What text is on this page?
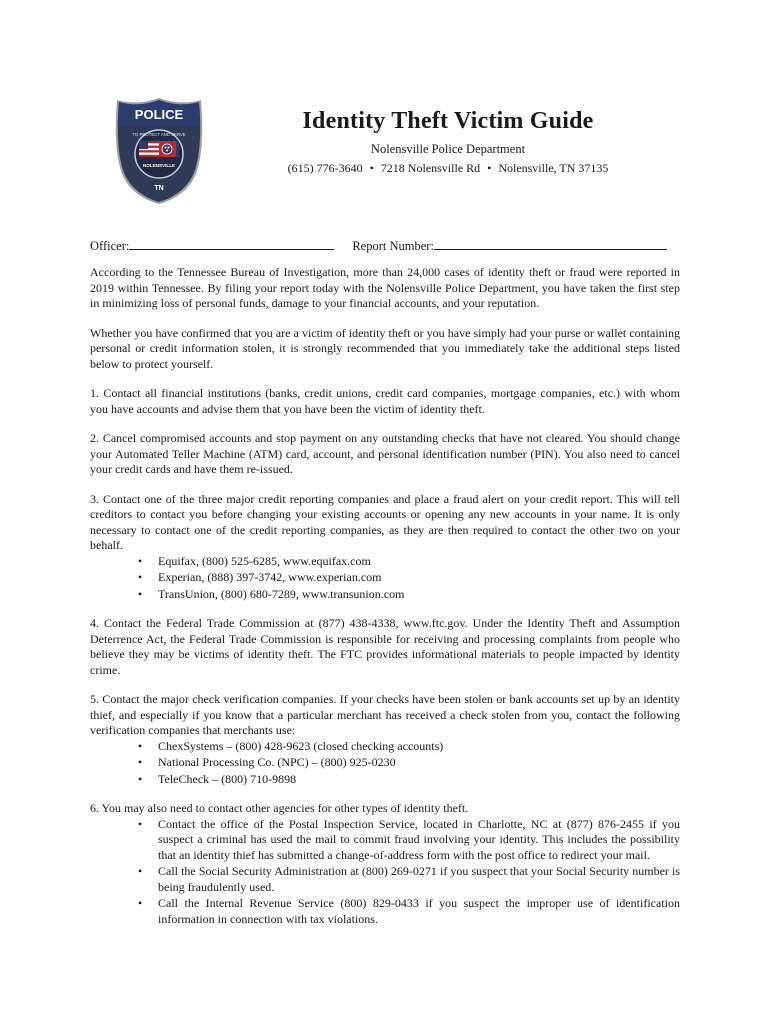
POLICE
TO PROTECT AND SERVE
NOLENSVILLE
TN
Identity Theft Victim Guide
Nolensville Police Department
(615) 776-3640 • 7218 Nolensville Rd • Nolensville, TN 37135
Officer:	Report Number:

According to the Tennessee Bureau of Investigation, more than 24,000 cases of identity theft or fraud were reported in 2019 within Tennessee. By filing your report today with the Nolensville Police Department, you have taken the first step in minimizing loss of personal funds, damage to your financial accounts, and your reputation.

Whether you have confirmed that you are a victim of identity theft or you have simply had your purse or wallet containing personal or credit information stolen, it is strongly recommended that you immediately take the additional steps listed below to protect yourself.

1. Contact all financial institutions (banks, credit unions, credit card companies, mortgage companies, etc.) with whom you have accounts and advise them that you have been the victim of identity theft.

2. Cancel compromised accounts and stop payment on any outstanding checks that have not cleared. You should change your Automated Teller Machine (ATM) card, account, and personal identification number (PIN). You also need to cancel your credit cards and have them re-issued.

3. Contact one of the three major credit reporting companies and place a fraud alert on your credit report. This will tell creditors to contact you before changing your existing accounts or opening any new accounts in your name. It is only necessary to contact one of the credit reporting companies, as they are then required to contact the other two on your behalf.

• Equifax, (800) 525-6285, www.equifax.com
• Experian, (888) 397-3742, www.experian.com
• TransUnion, (800) 680-7289, www.transunion.com

4. Contact the Federal Trade Commission at (877) 438-4338, www.ftc.gov. Under the Identity Theft and Assumption Deterrence Act, the Federal Trade Commission is responsible for receiving and processing complaints from people who believe they may be victims of identity theft. The FTC provides informational materials to people impacted by identity crime.

5. Contact the major check verification companies. If your checks have been stolen or bank accounts set up by an identity thief, and especially if you know that a particular merchant has received a check stolen from you, contact the following verification companies that merchants use:

• ChexSystems – (800) 428-9623 (closed checking accounts)
• National Processing Co. (NPC) – (800) 925-0230
• TeleCheck – (800) 710-9898

6. You may also need to contact other agencies for other types of identity theft.

• Contact the office of the Postal Inspection Service, located in Charlotte, NC at (877) 876-2455 if you suspect a criminal has used the mail to commit fraud involving your identity. This includes the possibility that an identity thief has submitted a change-of-address form with the post office to redirect your mail.
• Call the Social Security Administration at (800) 269-0271 if you suspect that your Social Security number is being fraudulently used.
• Call the Internal Revenue Service (800) 829-0433 if you suspect the improper use of identification information in connection with tax violations.
